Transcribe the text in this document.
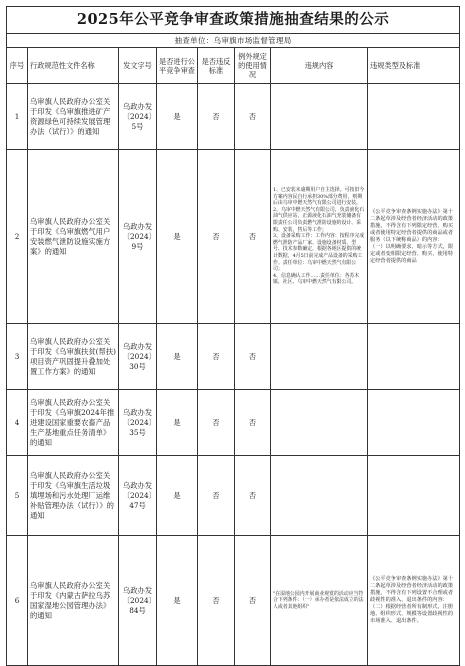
2025年公平竞争审查政策措施抽查结果的公示							
抽查单位：乌审旗市场监督管理局							
序号	行政规范性文件名称	发文字号	是否进行公平竞争审查	是否违反标准	例外规定的使用情况	违规内容	违规类型及标准
1	乌审旗人民政府办公室关于印发《乌审旗推进矿产资源绿色可持续发展管理办法（试行）》的通知	乌政办发〔2024〕5号	是	否	否	

2	乌审旗人民政府办公室关于印发《乌审旗燃气用户安装燃气泄防设施实施方案》的通知	乌政办发〔2024〕9号	是	否	否	1、已安装未逾期用户自主选择。可按旧今方案内容民自行承担30%部分费用，则期后由乌审中燃天然气有限公司进行安装。
2、乌审中燃天然气有限公司，负责液化石油气供应站，正源液化石油气充装储备有限责任公司负责燃气泄防设施的设计、采购、安装、售后等工作；
3、设备采购工作：工作内容：按程序完成燃气泄防产品厂家、设施设备材质、型号、技术参数确定，根据各地区提供的统计数据，4月5日前完成产品设备的采购工作。责任单位：乌审中燃天然气有限公司；
4、信息确认工作……责任单位：各苏木镇、社区、乌审中燃天然气有限公司。	《公平竞争审查条例实施办法》第十二条起草涉及经营者经济活动的政策措施，不得含有下列限定经营、购买或者使用特定经营者提供的商品或者服务（以下统称商品）的内容：
（一）以明确要求、暗示等方式，限定或者变相限定经营、购买、使用特定经营者提供的商品

3	乌审旗人民政府办公室关于印发《乌审旗扶贫(帮扶)项目资产巩固提升叠加处置工作方案》的通知	乌政办发〔2024〕30号	是	否	否	

4	乌审旗人民政府办公室关于印发《乌审旗2024年推进建设国家重要农畜产品生产基地重点任务清单》的通知	乌政办发〔2024〕35号	是	否	否	

5	乌审旗人民政府办公室关于印发《乌审旗生活垃圾填埋场和污水处理厂运维补贴管理办法（试行）》的通知	乌政办发〔2024〕47号	是	否	否	

6	乌审旗人民政府办公室关于印发《内蒙古萨拉乌苏国家湿地公园管理办法》的通知	乌政办发〔2024〕84号	是	否	否	"在湿地公园内开展商业观赏的活动应当符合下列条件：（一）承办者是依法成立的法人或者其他组织"	《公平竞争审查条例实施办法》第十二条起草涉及经营者经济活动的政策措施，不得含有下列设置不合理或者歧视性的准入、退出条件的内容：
（二）根据经营者所有制形式、注册地、组织形式、规模等设置歧视性的市场准入、退出条件。
